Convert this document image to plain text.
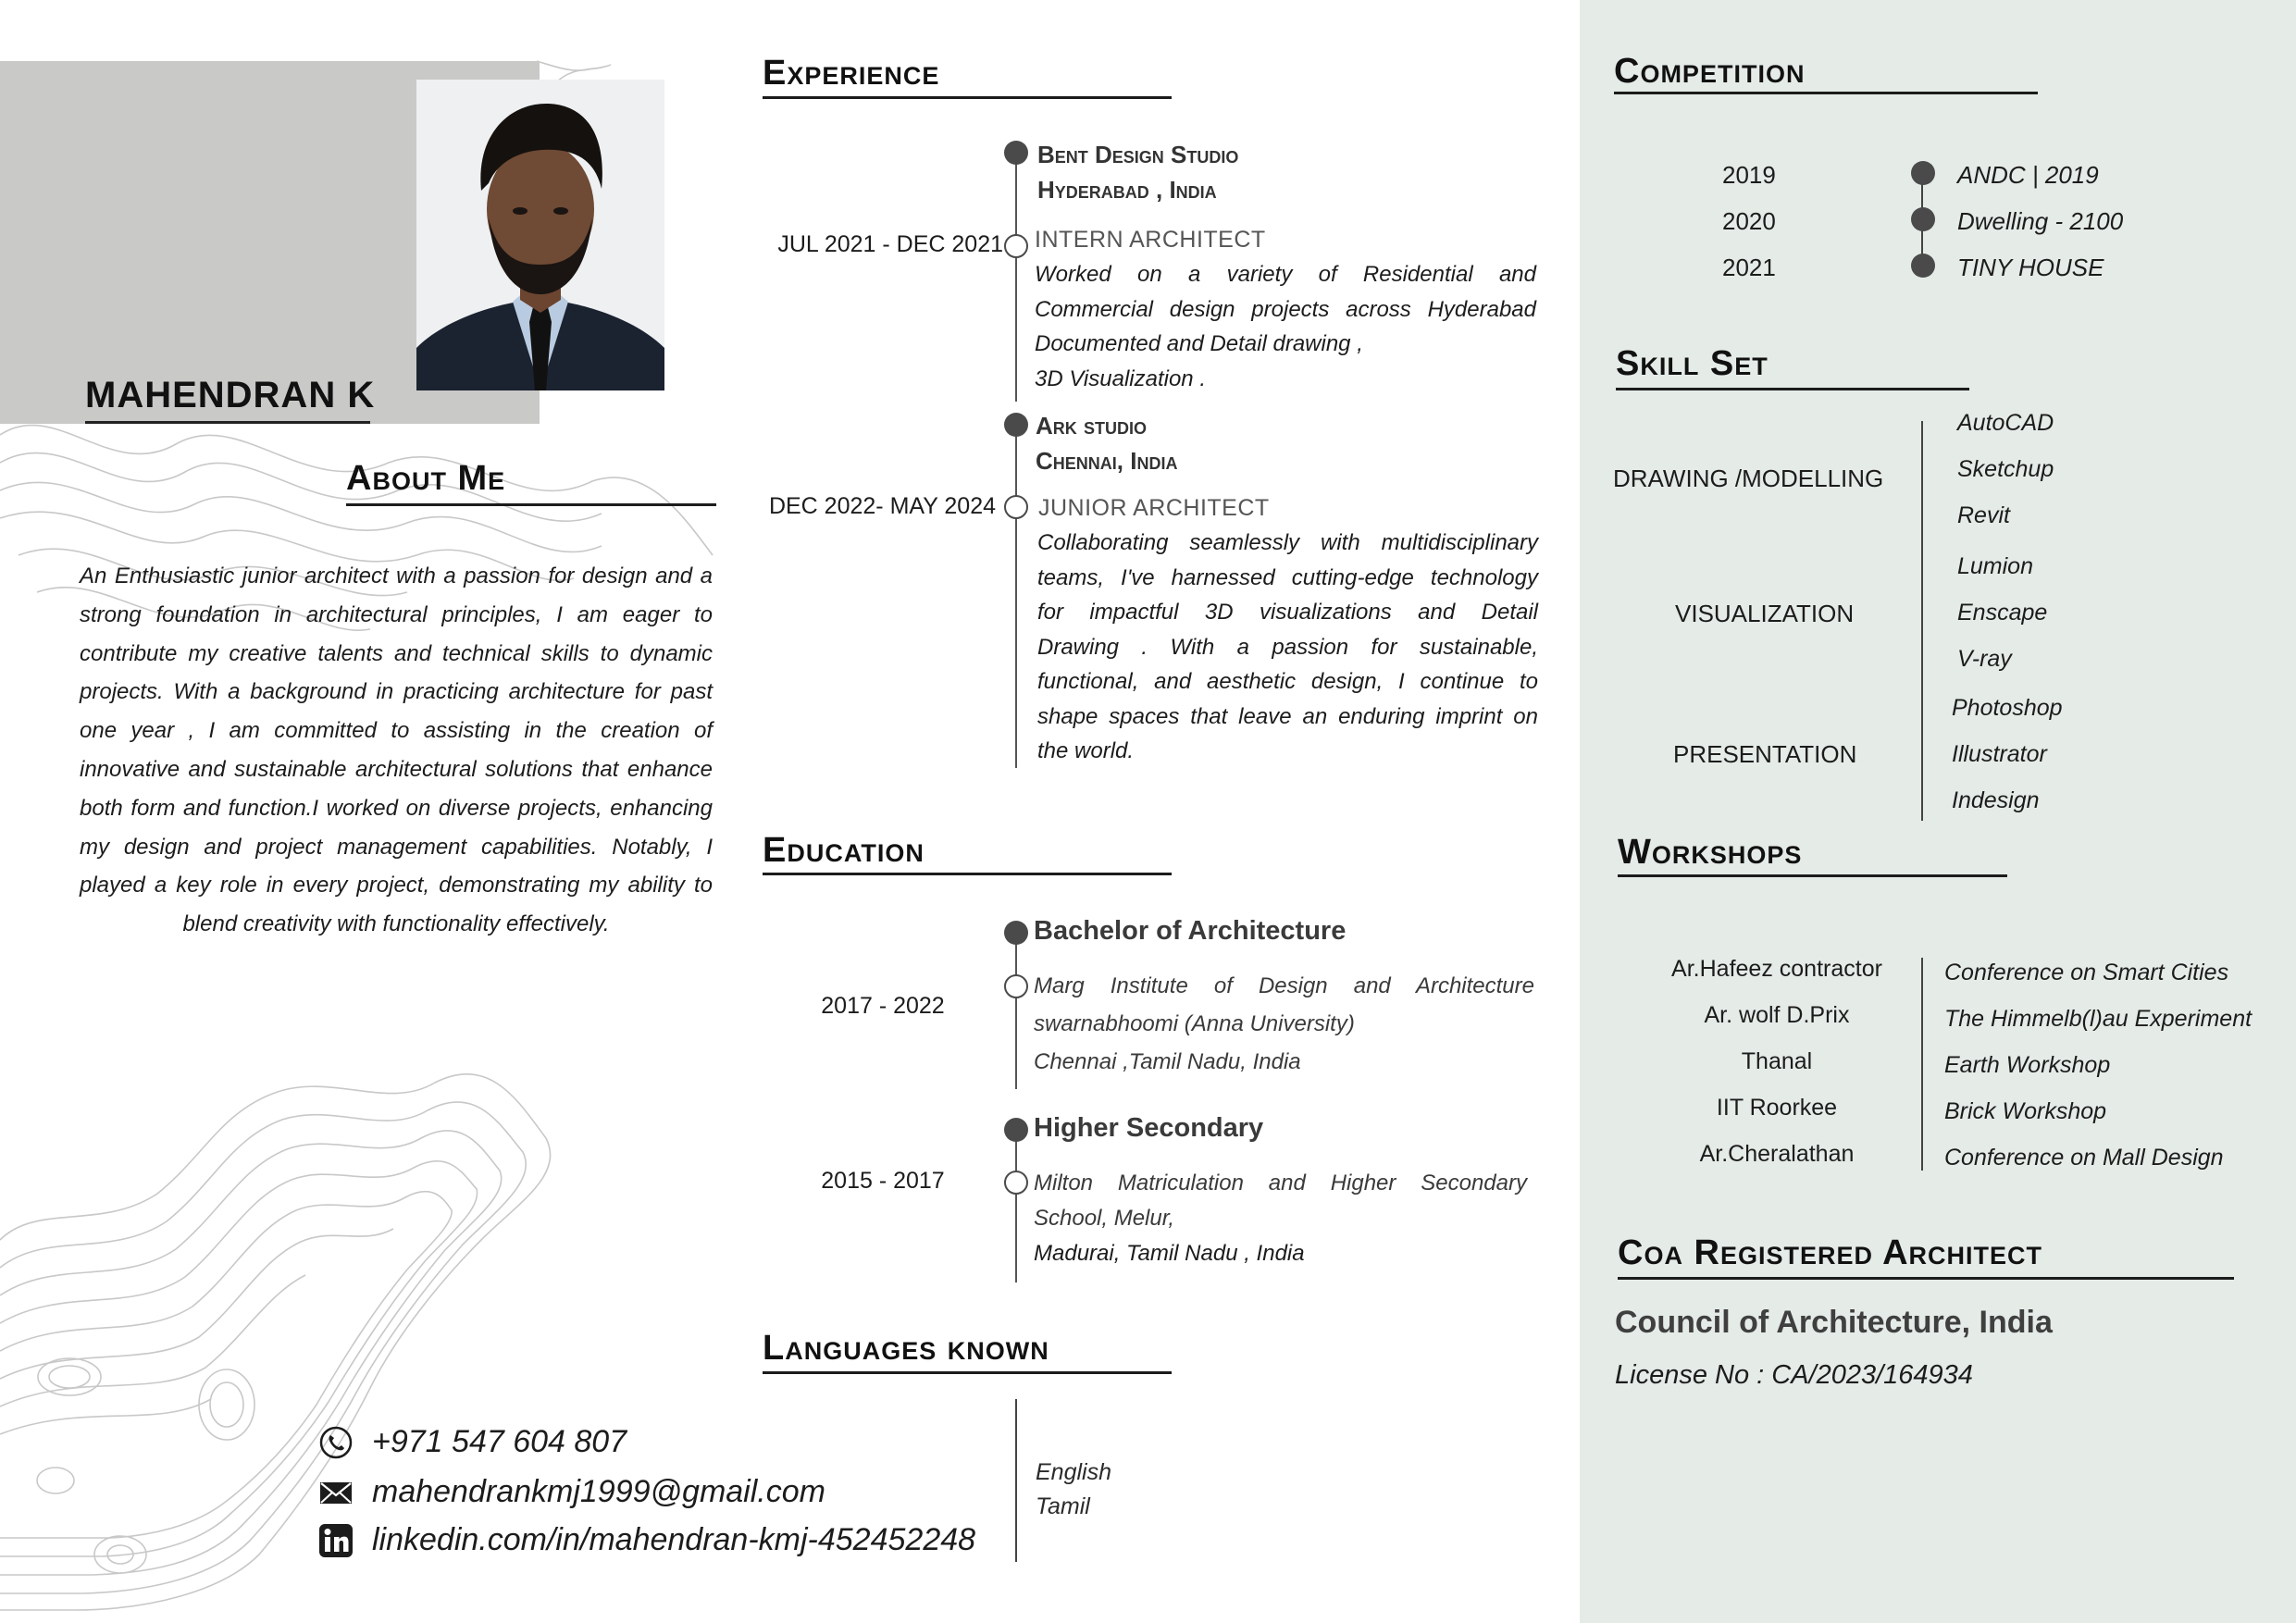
MAHENDRAN K
About Me
An Enthusiastic junior architect with a passion for design and a strong foundation in architectural principles, I am eager to contribute my creative talents and technical skills to dynamic projects. With a background in practicing architecture for past one year , I am committed to assisting in the creation of innovative and sustainable architectural solutions that enhance both form and function.I worked on diverse projects, enhancing my design and project management capabilities. Notably, I played a key role in every project, demonstrating my ability to blend creativity with functionality effectively.
Experience
Bent Design Studio
Hyderabad , India
JUL 2021 - DEC 2021 INTERN ARCHITECT
Worked on a variety of Residential and
Commercial design projects across Hyderabad
Documented and Detail drawing ,
3D Visualization .
Ark studio
Chennai, India
DEC 2022- MAY 2024 JUNIOR ARCHITECT
Collaborating seamlessly with multidisciplinary
teams, I've harnessed cutting-edge technology
for impactful 3D visualizations and Detail
Drawing . With a passion for sustainable,
functional, and aesthetic design, I continue to
shape spaces that leave an enduring imprint on
the world.
Education
Bachelor of Architecture
2017 - 2022
Marg Institute of Design and Architecture
swarnabhoomi (Anna University)
Chennai ,Tamil Nadu, India
Higher Secondary
2015 - 2017	Milton Matriculation and Higher Secondary
School, Melur,
Madurai, Tamil Nadu , India
Languages known
English
Tamil
+971 547 604 807
mahendrankmj1999@gmail.com
linkedin.com/in/mahendran-kmj-452452248
Competition
2019
2020
2021
ANDC | 2019
Dwelling - 2100
TINY HOUSE
Skill Set
DRAWING /MODELLING
AutoCAD
Sketchup
Revit
VISUALIZATION
Lumion
Enscape
V-ray
PRESENTATION
Photoshop
Illustrator
Indesign
Workshops
Ar.Hafeez contractor
Ar. wolf D.Prix
Thanal
IIT Roorkee
Ar.Cheralathan
Conference on Smart Cities
The Himmelb(l)au Experiment
Earth Workshop
Brick Workshop
Conference on Mall Design
Coa Registered Architect
Council of Architecture, India
License No : CA/2023/164934
